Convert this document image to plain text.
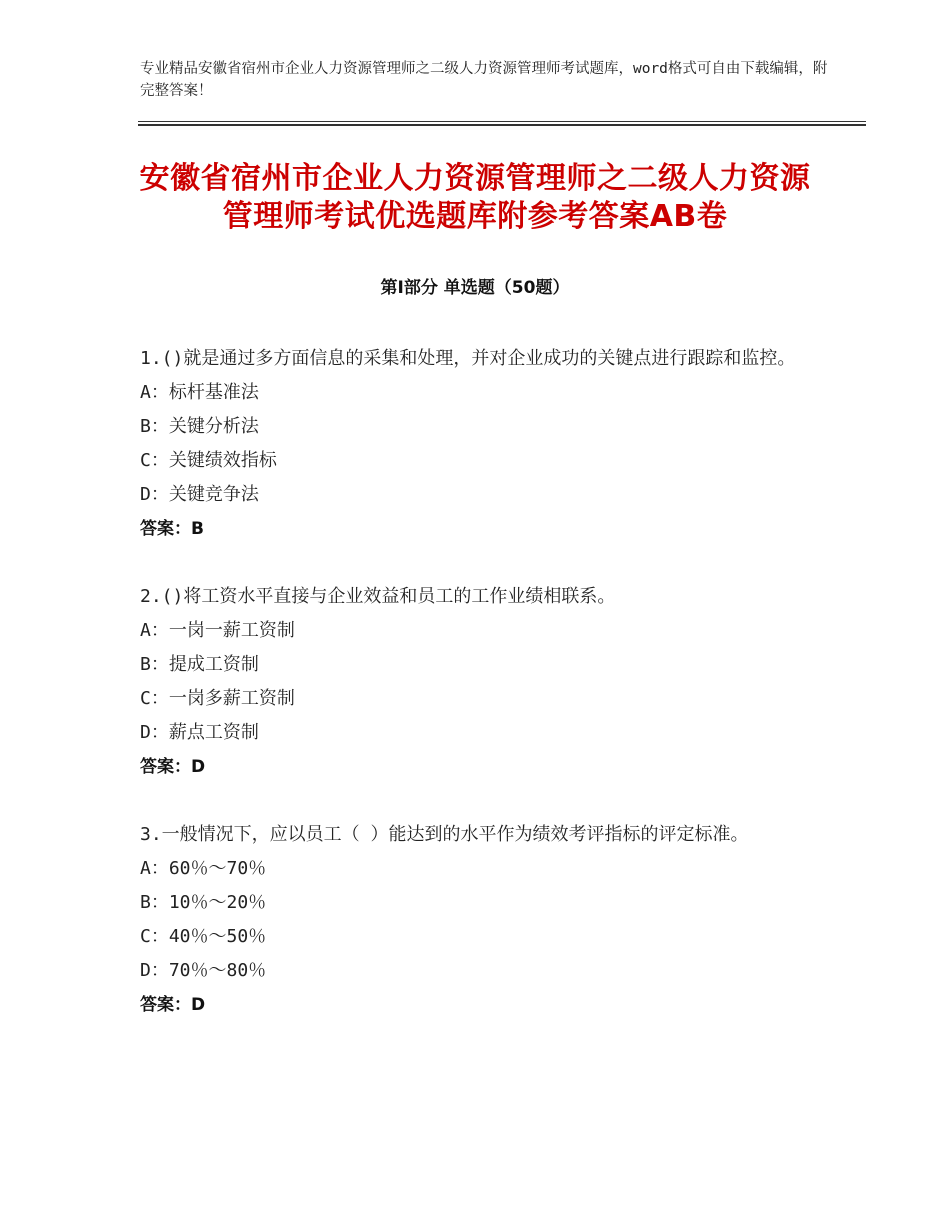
专业精品安徽省宿州市企业人力资源管理师之二级人力资源管理师考试题库，word格式可自由下载编辑，附完整答案！
安徽省宿州市企业人力资源管理师之二级人力资源管理师考试优选题库附参考答案AB卷
第Ⅰ部分 单选题（50题）
1.()就是通过多方面信息的采集和处理，并对企业成功的关键点进行跟踪和监控。
A：标杆基准法
B：关键分析法
C：关键绩效指标
D：关键竞争法
答案：B
2.()将工资水平直接与企业效益和员工的工作业绩相联系。
A：一岗一薪工资制
B：提成工资制
C：一岗多薪工资制
D：薪点工资制
答案：D
3.一般情况下，应以员工（ ）能达到的水平作为绩效考评指标的评定标准。
A：60％～70％
B：10％～20％
C：40％～50％
D：70％～80％
答案：D
